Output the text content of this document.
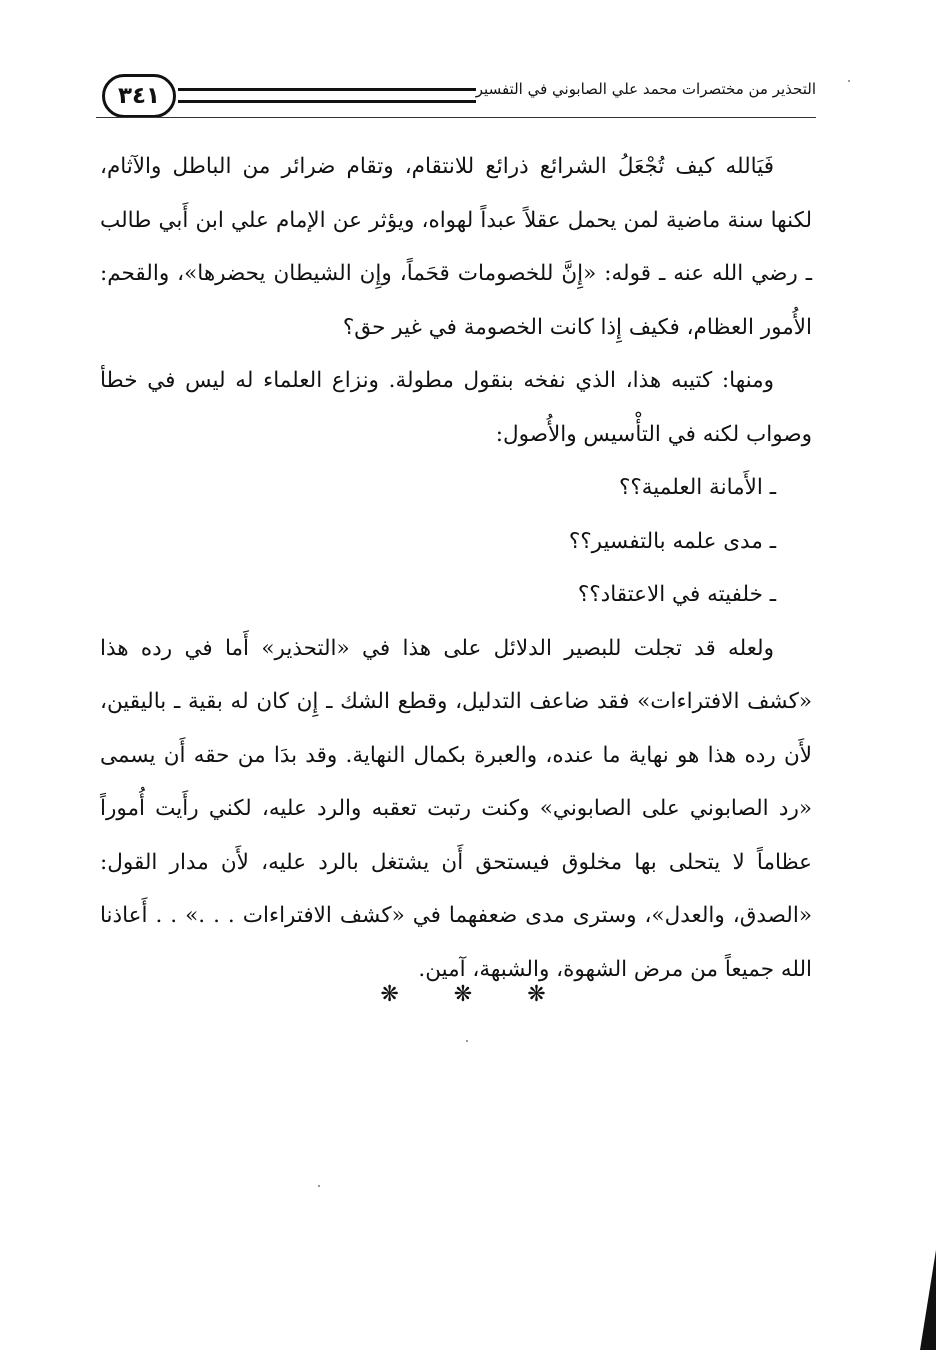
٣٤١	التحذير من مختصرات محمد علي الصابوني في التفسير

فَيَالله كيف تُجْعَلُ الشرائع ذرائع للانتقام، وتقام ضرائر من الباطل والآثام، لكنها سنة ماضية لمن يحمل عقلاً عبداً لهواه، ويؤثر عن الإمام علي ابن أَبي طالب ـ رضي الله عنه ـ قوله: «إِنَّ للخصومات قحَماً، وإِن الشيطان يحضرها»، والقحم: الأُمور العظام، فكيف إِذا كانت الخصومة في غير حق؟

ومنها: كتيبه هذا، الذي نفخه بنقول مطولة. ونزاع العلماء له ليس في خطأ وصواب لكنه في التأْسيس والأُصول:

ـ الأَمانة العلمية؟؟

ـ مدى علمه بالتفسير؟؟

ـ خلفيته في الاعتقاد؟؟

ولعله قد تجلت للبصير الدلائل على هذا في «التحذير» أَما في رده هذا «كشف الافتراءات» فقد ضاعف التدليل، وقطع الشك ـ إِن كان له بقية ـ باليقين، لأَن رده هذا هو نهاية ما عنده، والعبرة بكمال النهاية. وقد بدَا من حقه أَن يسمى «رد الصابوني على الصابوني» وكنت رتبت تعقبه والرد عليه، لكني رأَيت أُموراً عظاماً لا يتحلى بها مخلوق فيستحق أَن يشتغل بالرد عليه، لأَن مدار القول: «الصدق، والعدل»، وسترى مدى ضعفهما في «كشف الافتراءات . . .» . . أَعاذنا الله جميعاً من مرض الشهوة، والشبهة، آمين.

❋ ❋ ❋
